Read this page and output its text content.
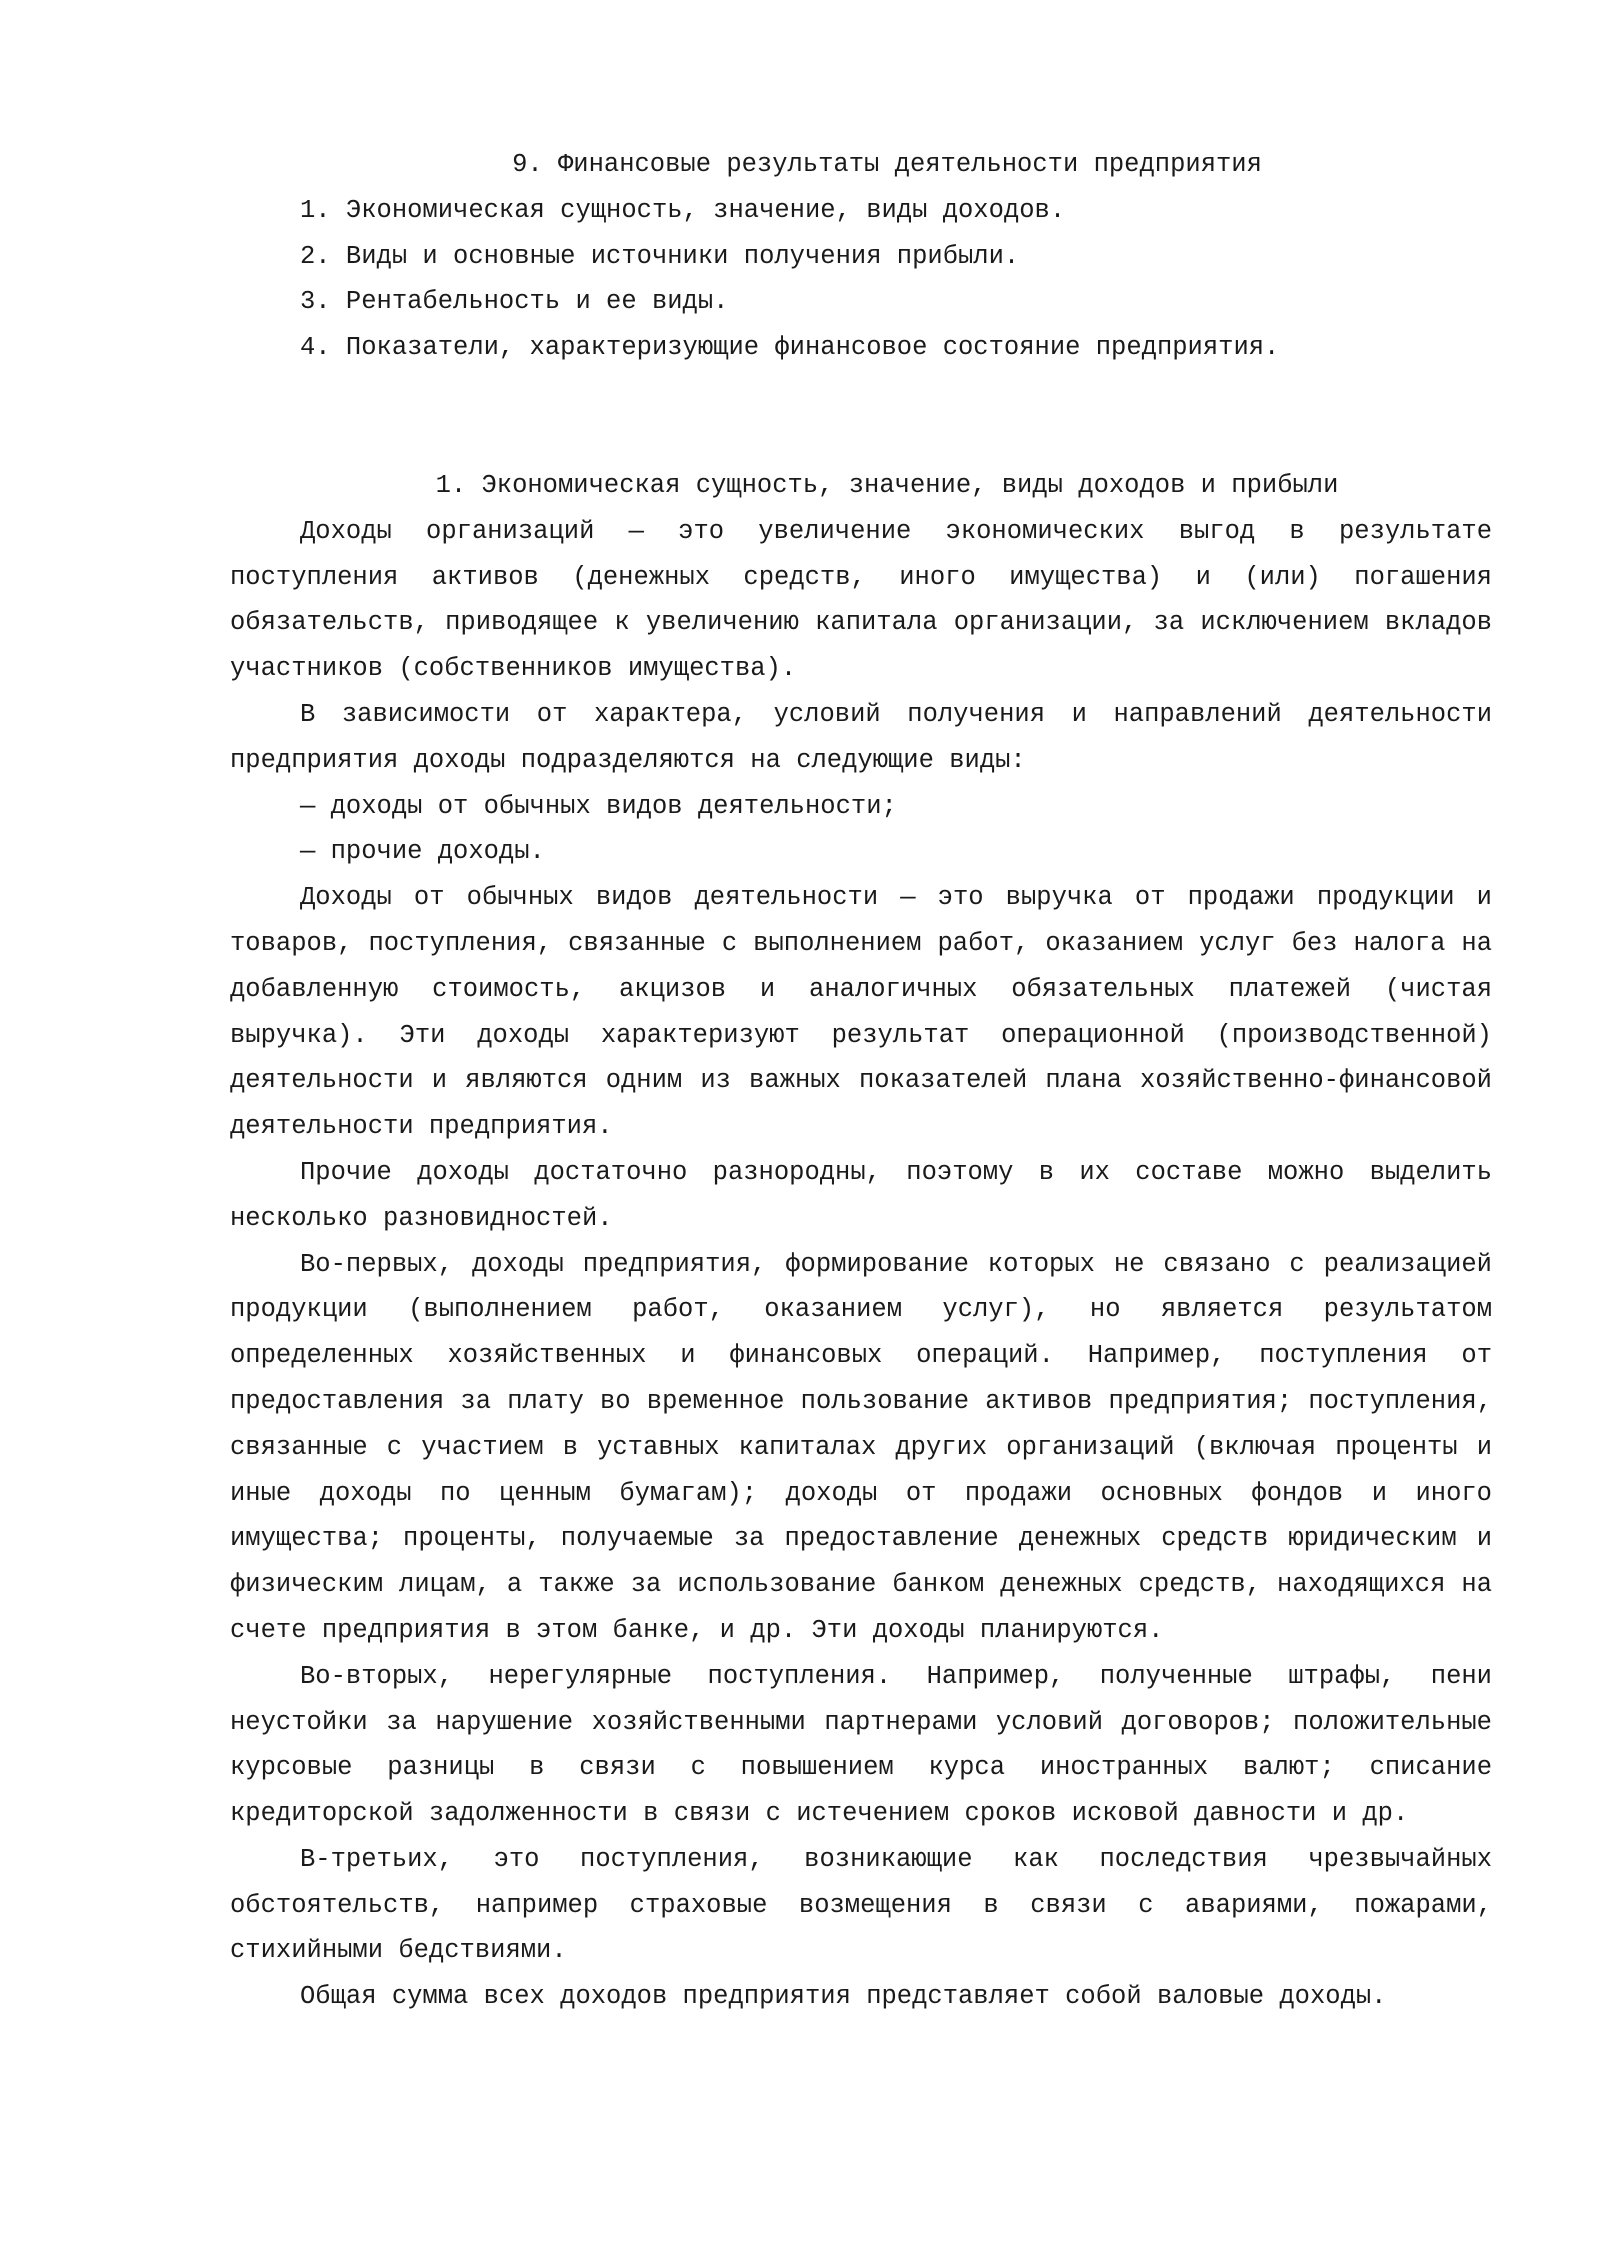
9. Финансовые результаты деятельности предприятия

1. Экономическая сущность, значение, виды доходов.
2. Виды и основные источники получения прибыли.
3. Рентабельность и ее виды.
4. Показатели, характеризующие финансовое состояние предприятия.

1. Экономическая сущность, значение, виды доходов и прибыли

Доходы организаций — это увеличение экономических выгод в результате поступления активов (денежных средств, иного имущества) и (или) погашения обязательств, приводящее к увеличению капитала организации, за исключением вкладов участников (собственников имущества).

В зависимости от характера, условий получения и направлений деятельности предприятия доходы подразделяются на следующие виды:

— доходы от обычных видов деятельности;

— прочие доходы.

Доходы от обычных видов деятельности — это выручка от продажи продукции и товаров, поступления, связанные с выполнением работ, оказанием услуг без налога на добавленную стоимость, акцизов и аналогичных обязательных платежей (чистая выручка). Эти доходы характеризуют результат операционной (производственной) деятельности и являются одним из важных показателей плана хозяйственно-финансовой деятельности предприятия.

Прочие доходы достаточно разнородны, поэтому в их составе можно выделить несколько разновидностей.

Во-первых, доходы предприятия, формирование которых не связано с реализацией продукции (выполнением работ, оказанием услуг), но является результатом определенных хозяйственных и финансовых операций. Например, поступления от предоставления за плату во временное пользование активов предприятия; поступления, связанные с участием в уставных капиталах других организаций (включая проценты и иные доходы по ценным бумагам); доходы от продажи основных фондов и иного имущества; проценты, получаемые за предоставление денежных средств юридическим и физическим лицам, а также за использование банком денежных средств, находящихся на счете предприятия в этом банке, и др. Эти доходы планируются.

Во-вторых, нерегулярные поступления. Например, полученные штрафы, пени неустойки за нарушение хозяйственными партнерами условий договоров; положительные курсовые разницы в связи с повышением курса иностранных валют; списание кредиторской задолженности в связи с истечением сроков исковой давности и др.

В-третьих, это поступления, возникающие как последствия чрезвычайных обстоятельств, например страховые возмещения в связи с авариями, пожарами, стихийными бедствиями.

Общая сумма всех доходов предприятия представляет собой валовые доходы.
